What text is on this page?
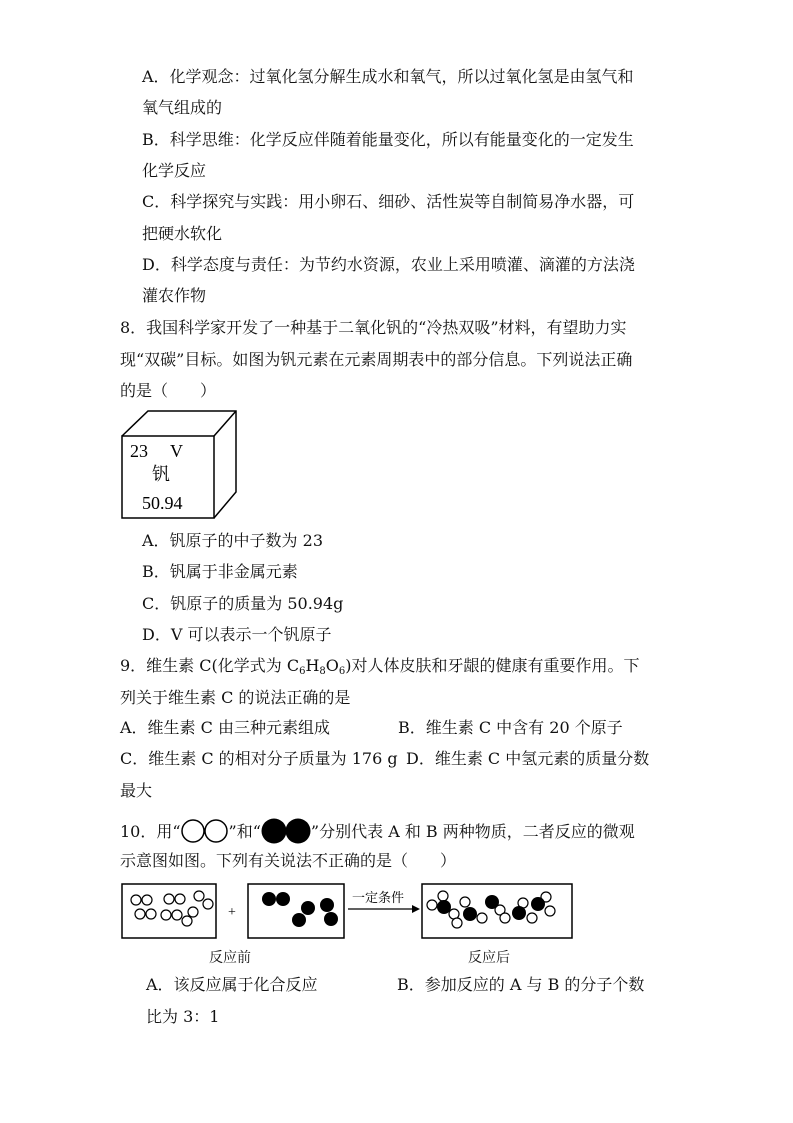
A．化学观念：过氧化氢分解生成水和氧气，所以过氧化氢是由氢气和
氧气组成的
B．科学思维：化学反应伴随着能量变化，所以有能量变化的一定发生
化学反应
C．科学探究与实践：用小卵石、细砂、活性炭等自制简易净水器，可
把硬水软化
D．科学态度与责任：为节约水资源，农业上采用喷灌、滴灌的方法浇
灌农作物
8．我国科学家开发了一种基于二氧化钒的“冷热双吸”材料，有望助力实
现“双碳”目标。如图为钒元素在元素周期表中的部分信息。下列说法正确
的是（　　）
23 V
钒
50.94
A．钒原子的中子数为 23
B．钒属于非金属元素
C．钒原子的质量为 50.94g
D．V 可以表示一个钒原子
9．维生素 C(化学式为 $C_6H_8O_6$)对人体皮肤和牙龈的健康有重要作用。下
列关于维生素 C 的说法正确的是
A．维生素 C 由三种元素组成	B．维生素 C 中含有 20 个原子
C．维生素 C 的相对分子质量为 176 g D．维生素 C 中氢元素的质量分数
最大
10．用“	”和“	”分别代表 A 和 B 两种物质，二者反应的微观
示意图如图。下列有关说法不正确的是（　　）
+
一定条件
反应前	反应后
A．该反应属于化合反应	B．参加反应的 A 与 B 的分子个数
比为 3：1
